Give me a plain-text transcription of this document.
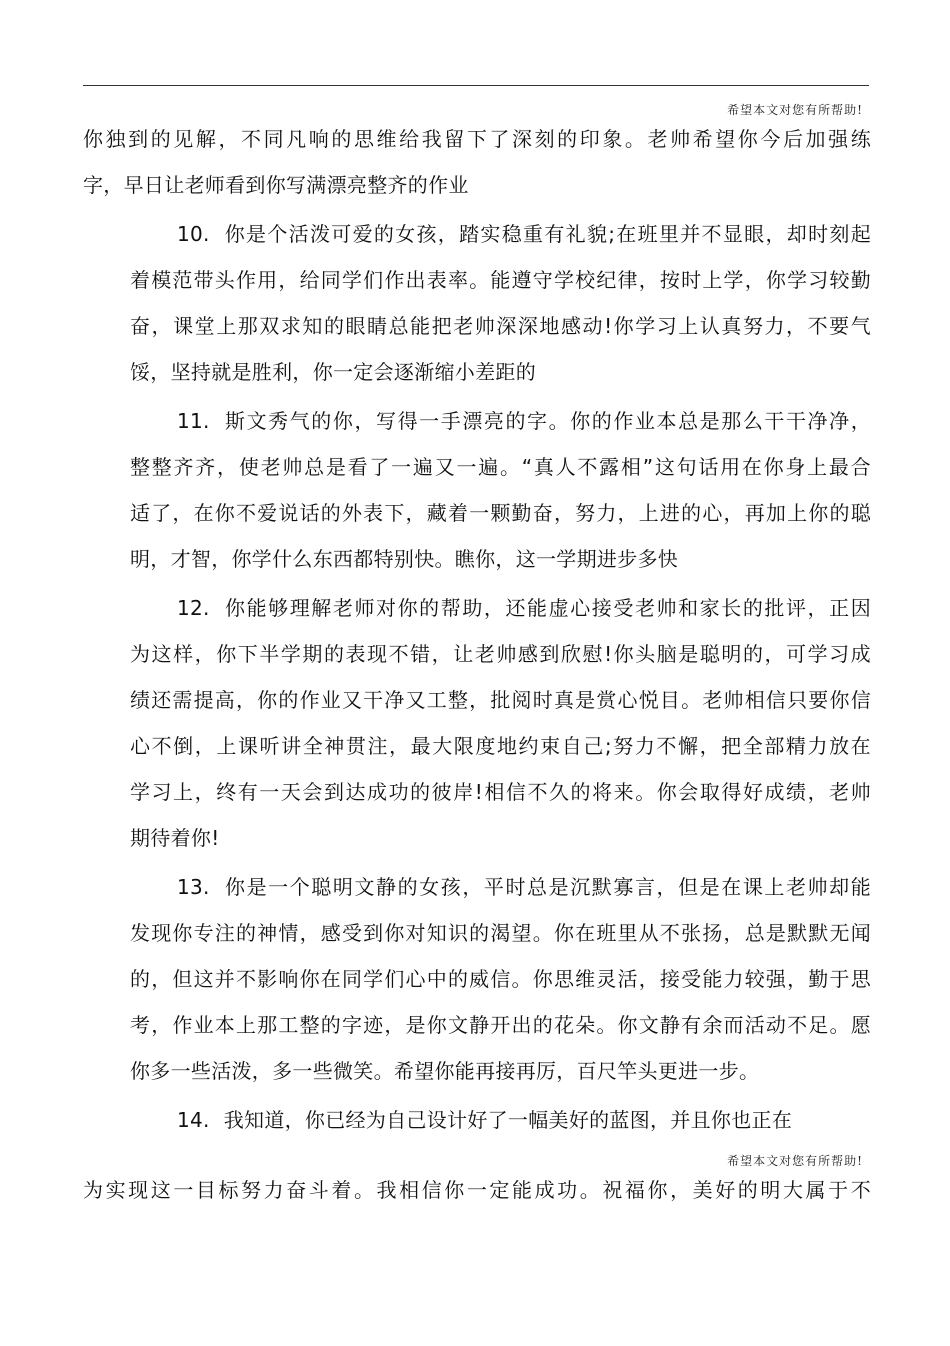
希望本文对您有所帮助!

你独到的见解，不同凡响的思维给我留下了深刻的印象。老帅希望你今后加强练
字，早日让老师看到你写满漂亮整齐的作业

10. 你是个活泼可爱的女孩，踏实稳重有礼貌;在班里并不显眼，却时刻起
着模范带头作用，给同学们作出表率。能遵守学校纪律，按时上学，你学习较勤
奋，课堂上那双求知的眼睛总能把老帅深深地感动!你学习上认真努力，不要气
馁，坚持就是胜利，你一定会逐渐缩小差距的

11. 斯文秀气的你，写得一手漂亮的字。你的作业本总是那么干干净净，
整整齐齐，使老帅总是看了一遍又一遍。“真人不露相”这句话用在你身上最合
适了，在你不爱说话的外表下，藏着一颗勤奋，努力，上进的心，再加上你的聪
明，才智，你学什么东西都特别快。瞧你，这一学期进步多快

12. 你能够理解老师对你的帮助，还能虚心接受老帅和家长的批评，正因
为这样，你下半学期的表现不错，让老帅感到欣慰!你头脑是聪明的，可学习成
绩还需提高，你的作业又干净又工整，批阅时真是赏心悦目。老帅相信只要你信
心不倒，上课听讲全神贯注，最大限度地约束自己;努力不懈，把全部精力放在
学习上，终有一天会到达成功的彼岸!相信不久的将来。你会取得好成绩，老帅
期待着你!

13. 你是一个聪明文静的女孩，平时总是沉默寡言，但是在课上老帅却能
发现你专注的神情，感受到你对知识的渴望。你在班里从不张扬，总是默默无闻
的，但这并不影响你在同学们心中的威信。你思维灵活，接受能力较强，勤于思
考，作业本上那工整的字迹，是你文静开出的花朵。你文静有余而活动不足。愿
你多一些活泼，多一些微笑。希望你能再接再厉，百尺竿头更进一步。

14. 我知道，你已经为自己设计好了一幅美好的蓝图，并且你也正在

希望本文对您有所帮助!

为实现这一目标努力奋斗着。我相信你一定能成功。祝福你，美好的明大属于不
